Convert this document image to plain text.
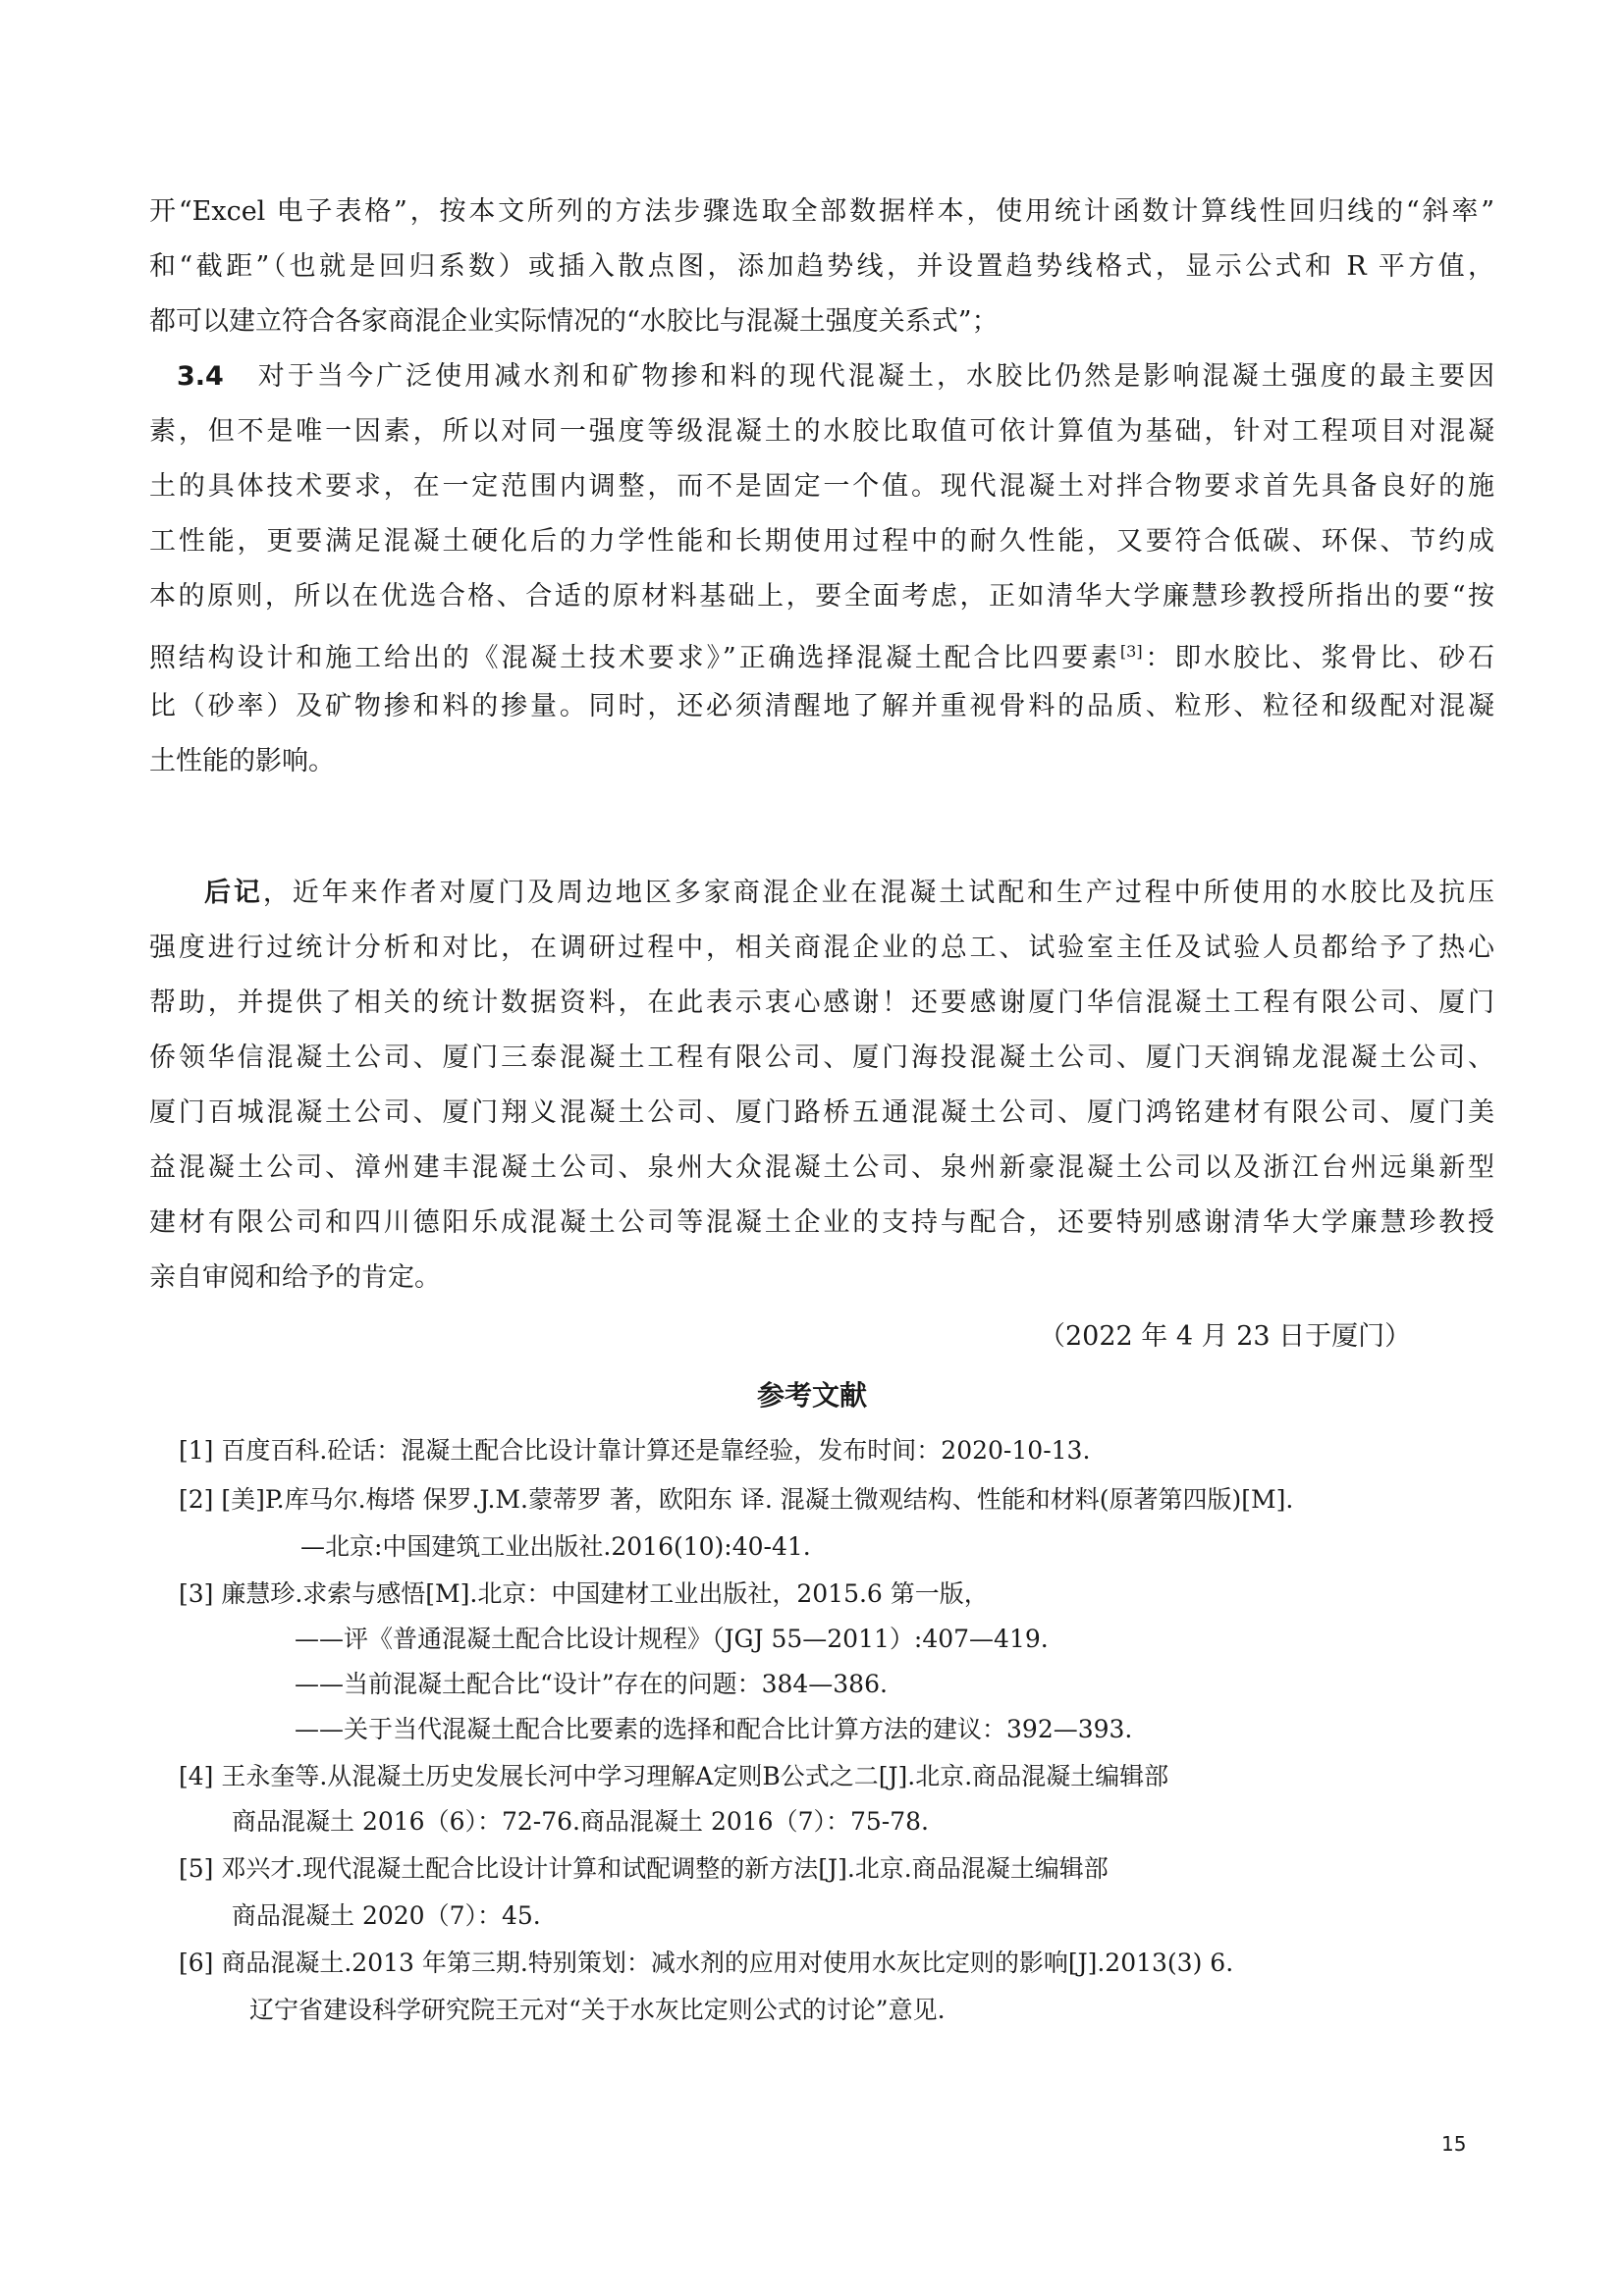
开“Excel 电子表格”，按本文所列的方法步骤选取全部数据样本，使用统计函数计算线性回归线的“斜率”
和“截距”（也就是回归系数）或插入散点图，添加趋势线，并设置趋势线格式，显示公式和 R 平方值，
都可以建立符合各家商混企业实际情况的“水胶比与混凝土强度关系式”；
3.4 对于当今广泛使用减水剂和矿物掺和料的现代混凝土，水胶比仍然是影响混凝土强度的最主要因
素，但不是唯一因素，所以对同一强度等级混凝土的水胶比取值可依计算值为基础，针对工程项目对混凝
土的具体技术要求，在一定范围内调整，而不是固定一个值。现代混凝土对拌合物要求首先具备良好的施
工性能，更要满足混凝土硬化后的力学性能和长期使用过程中的耐久性能，又要符合低碳、环保、节约成
本的原则，所以在优选合格、合适的原材料基础上，要全面考虑，正如清华大学廉慧珍教授所指出的要“按
照结构设计和施工给出的《混凝土技术要求》”正确选择混凝土配合比四要素[3]：即水胶比、浆骨比、砂石
比（砂率）及矿物掺和料的掺量。同时，还必须清醒地了解并重视骨料的品质、粒形、粒径和级配对混凝
土性能的影响。
后记，近年来作者对厦门及周边地区多家商混企业在混凝土试配和生产过程中所使用的水胶比及抗压
强度进行过统计分析和对比，在调研过程中，相关商混企业的总工、试验室主任及试验人员都给予了热心
帮助，并提供了相关的统计数据资料，在此表示衷心感谢！还要感谢厦门华信混凝土工程有限公司、厦门
侨领华信混凝土公司、厦门三泰混凝土工程有限公司、厦门海投混凝土公司、厦门天润锦龙混凝土公司、
厦门百城混凝土公司、厦门翔义混凝土公司、厦门路桥五通混凝土公司、厦门鸿铭建材有限公司、厦门美
益混凝土公司、漳州建丰混凝土公司、泉州大众混凝土公司、泉州新豪混凝土公司以及浙江台州远巢新型
建材有限公司和四川德阳乐成混凝土公司等混凝土企业的支持与配合，还要特别感谢清华大学廉慧珍教授
亲自审阅和给予的肯定。
（2022 年 4 月 23 日于厦门）
参考文献
[1] 百度百科.砼话：混凝土配合比设计靠计算还是靠经验，发布时间：2020-10-13.
[2] [美]P.库马尔.梅塔 保罗.J.M.蒙蒂罗 著，欧阳东 译. 混凝土微观结构、性能和材料(原著第四版)[M].
—北京:中国建筑工业出版社.2016(10):40-41.
[3] 廉慧珍.求索与感悟[M].北京：中国建材工业出版社，2015.6 第一版，
——评《普通混凝土配合比设计规程》（JGJ 55—2011）:407—419.
——当前混凝土配合比“设计”存在的问题：384—386.
——关于当代混凝土配合比要素的选择和配合比计算方法的建议：392—393.
[4] 王永奎等.从混凝土历史发展长河中学习理解A定则B公式之二[J].北京.商品混凝土编辑部
商品混凝土 2016（6）：72-76.商品混凝土 2016（7）：75-78.
[5] 邓兴才.现代混凝土配合比设计计算和试配调整的新方法[J].北京.商品混凝土编辑部
商品混凝土 2020（7）：45.
[6] 商品混凝土.2013 年第三期.特别策划：减水剂的应用对使用水灰比定则的影响[J].2013(3) 6.
辽宁省建设科学研究院王元对“关于水灰比定则公式的讨论”意见.
15
